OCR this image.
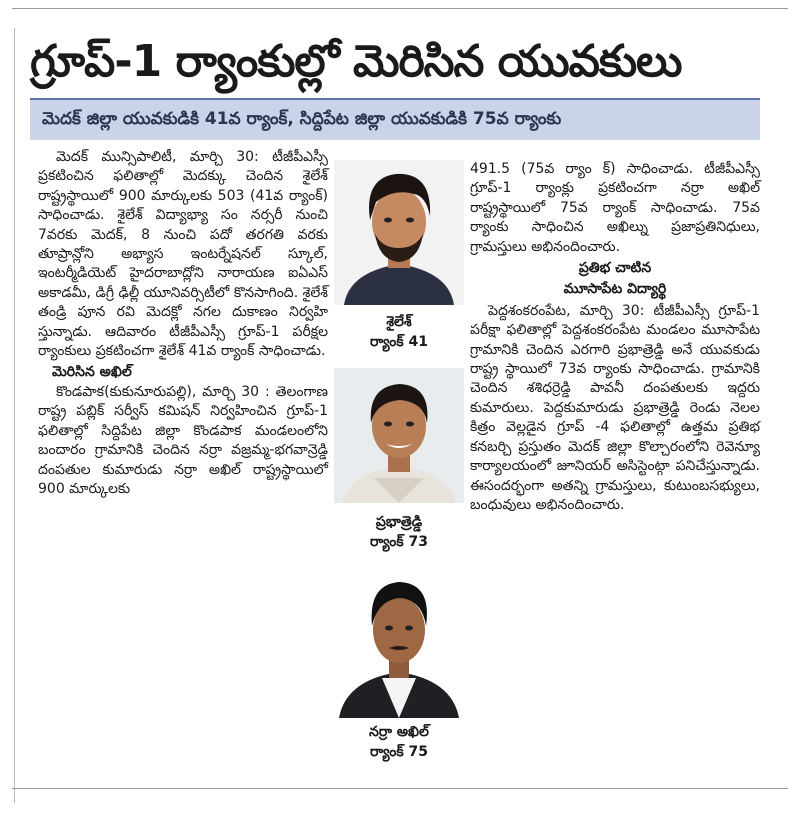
గ్రూప్-1 ర్యాంకుల్లో మెరిసిన యువకులు
మెదక్ జిల్లా యువకుడికి 41వ ర్యాంక్, సిద్దిపేట జిల్లా యువకుడికి 75వ ర్యాంకు

మెదక్ మున్సిపాలిటీ, మార్చి 30: టీజీపీఎస్సీ ప్రకటించిన ఫలితాల్లో మెదక్కు చెందిన శైలేశ్ రాష్ట్రస్థాయిలో 900 మార్కులకు 503 (41వ ర్యాంక్) సాధించాడు. శైలేశ్ విద్యాభ్యా సం నర్సరీ నుంచి 7వరకు మెదక్, 8 నుంచి పదో తరగతి వరకు తూప్రాన్లోని అభ్యాస ఇంటర్నేషనల్ స్కూల్, ఇంటర్మీడియెట్ హైదరాబాద్లోని నారాయణ ఐఏఎస్ అకాడమీ, డిగ్రీ ఢిల్లీ యూనివర్సిటీలో కొనసాగింది. శైలేశ్ తండ్రి పూన రవి మెదక్లో నగల దుకాణం నిర్వహి స్తున్నాడు. ఆదివారం టీజీపీఎస్సీ గ్రూప్-1 పరీక్షల ర్యాంకులు ప్రకటించగా శైలేశ్ 41వ ర్యాంక్ సాధించాడు.

మెరిసిన అఖిల్

కొండపాక(కుకునూరుపల్లి), మార్చి 30 : తెలంగాణ రాష్ట్ర పబ్లిక్ సర్వీస్ కమిషన్ నిర్వహించిన గ్రూప్-1 ఫలితాల్లో సిద్దిపేట జిల్లా కొండపాక మండలంలోని బందారం గ్రామానికి చెందిన నర్రా వజ్రమ్మ-భగవాన్రెడ్డి దంపతుల కుమారుడు నర్రా అఖిల్ రాష్ట్రస్థాయిలో 900 మార్కులకు

శైలేశ్
ర్యాంక్ 41
ప్రభాత్రెడ్డి
ర్యాంక్ 73
నర్రా అఖిల్
ర్యాంక్ 75

491.5 (75వ ర్యాం క్) సాధించాడు. టీజీపీఎస్సీ గ్రూప్-1 ర్యాంక్లు ప్రకటించగా నర్రా అఖిల్ రాష్ట్రస్థాయిలో 75వ ర్యాంక్ సాధించాడు. 75వ ర్యాంకు సాధించిన అఖిల్ను ప్రజాప్రతినిధులు, గ్రామస్తులు అభినందించారు.

ప్రతిభ చాటిన

మూసాపేట విద్యార్థి

పెద్దశంకరంపేట, మార్చి 30: టీజీపీఎస్సీ గ్రూప్-1 పరీక్షా ఫలితాల్లో పెద్దశంకరంపేట మండలం మూసాపేట గ్రామానికి చెందిన ఎరగారి ప్రభాత్రెడ్డి అనే యువకుడు రాష్ట్ర స్థాయిలో 73వ ర్యాంకు సాధించాడు. గ్రామానికి చెందిన శశిధర్రెడ్డి పావనీ దంపతులకు ఇద్దరు కుమారులు. పెద్దకుమారుడు ప్రభాత్రెడ్డి రెండు నెలల కిత్రం వెల్లడైన గ్రూప్ -4 ఫలితాల్లో ఉత్తమ ప్రతిభ కనబర్చి ప్రస్తుతం మెదక్ జిల్లా కొల్చారంలోని రెవెన్యూ కార్యాలయంలో జూనియర్ అసిస్టెంట్గా పనిచేస్తున్నాడు. ఈసందర్భంగా అతన్ని గ్రామస్తులు, కుటుంబసభ్యులు, బంధువులు అభినందించారు.
